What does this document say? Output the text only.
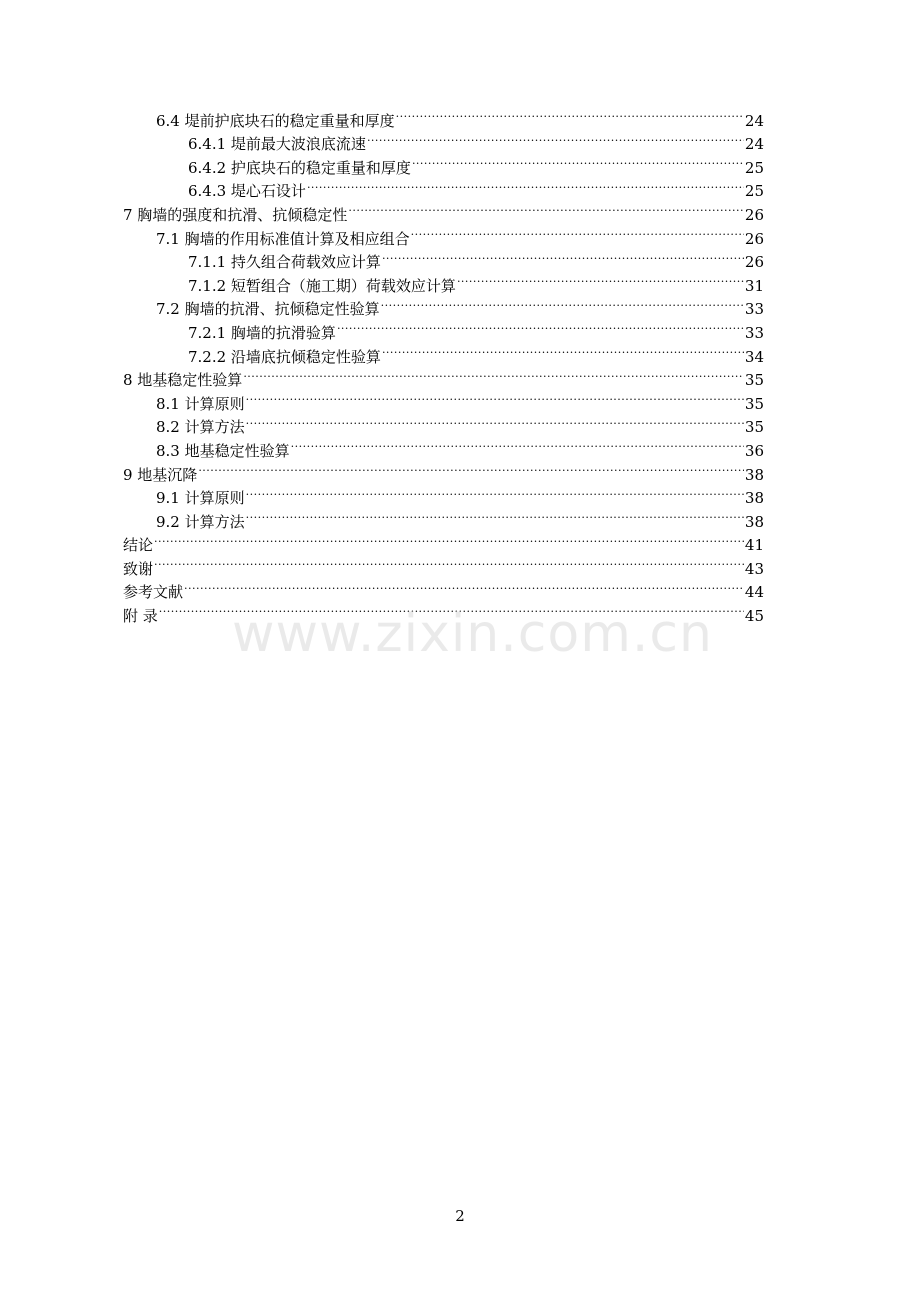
6.4 堤前护底块石的稳定重量和厚度 .....	24
6.4.1 堤前最大波浪底流速 .....	24
6.4.2 护底块石的稳定重量和厚度 .....	25
6.4.3 堤心石设计 .....	25
7 胸墙的强度和抗滑、抗倾稳定性 .....	26
7.1 胸墙的作用标准值计算及相应组合 .....	26
7.1.1 持久组合荷载效应计算 .....	26
7.1.2 短暂组合（施工期）荷载效应计算 .....	31
7.2 胸墙的抗滑、抗倾稳定性验算 .....	33
7.2.1 胸墙的抗滑验算 .....	33
7.2.2 沿墙底抗倾稳定性验算 .....	34
8 地基稳定性验算 .....	35
8.1 计算原则 .....	35
8.2 计算方法 .....	35
8.3 地基稳定性验算 .....	36
9 地基沉降 .....	38
9.1 计算原则 .....	38
9.2 计算方法 .....	38
结论 .....	41
致谢 .....	43
参考文献 .....	44
附 录 .....	45
www.zixin.com.cn
2
